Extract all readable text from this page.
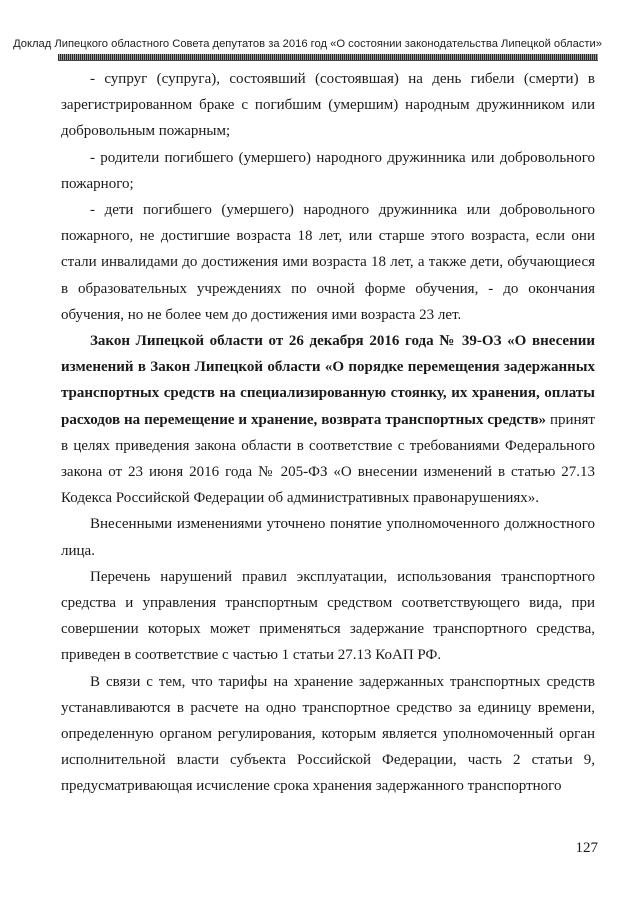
Доклад Липецкого областного Совета депутатов за 2016 год «О состоянии законодательства Липецкой области»

- супруг (супруга), состоявший (состоявшая) на день гибели (смерти) в зарегистрированном браке с погибшим (умершим) народным дружинником или добровольным пожарным;

- родители погибшего (умершего) народного дружинника или добровольного пожарного;

- дети погибшего (умершего) народного дружинника или добровольного пожарного, не достигшие возраста 18 лет, или старше этого возраста, если они стали инвалидами до достижения ими возраста 18 лет, а также дети, обучающиеся в образовательных учреждениях по очной форме обучения, - до окончания обучения, но не более чем до достижения ими возраста 23 лет.

Закон Липецкой области от 26 декабря 2016 года № 39-ОЗ «О внесении изменений в Закон Липецкой области «О порядке перемещения задержанных транспортных средств на специализированную стоянку, их хранения, оплаты расходов на перемещение и хранение, возврата транспортных средств» принят в целях приведения закона области в соответствие с требованиями Федерального закона от 23 июня 2016 года № 205-ФЗ «О внесении изменений в статью 27.13 Кодекса Российской Федерации об административных правонарушениях».

Внесенными изменениями уточнено понятие уполномоченного должностного лица.

Перечень нарушений правил эксплуатации, использования транспортного средства и управления транспортным средством соответствующего вида, при совершении которых может применяться задержание транспортного средства, приведен в соответствие с частью 1 статьи 27.13 КоАП РФ.

В связи с тем, что тарифы на хранение задержанных транспортных средств устанавливаются в расчете на одно транспортное средство за единицу времени, определенную органом регулирования, которым является уполномоченный орган исполнительной власти субъекта Российской Федерации, часть 2 статьи 9, предусматривающая исчисление срока хранения задержанного транспортного

127
